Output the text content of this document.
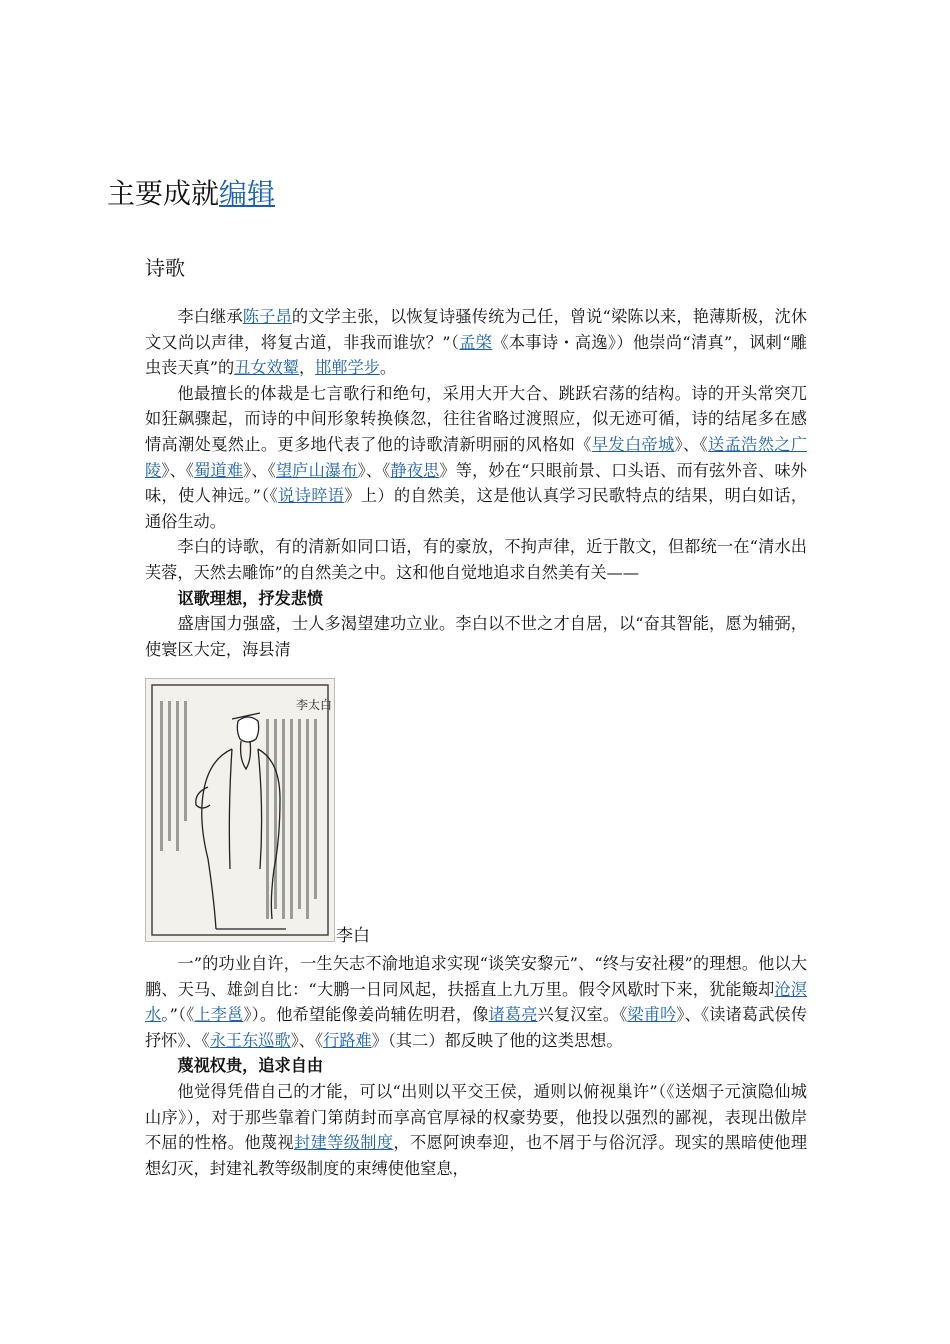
主要成就编辑
诗歌

李白继承陈子昂的文学主张，以恢复诗骚传统为己任，曾说“梁陈以来，艳薄斯极，沈休文又尚以声律，将复古道，非我而谁欤？”（孟棨《本事诗・高逸》）他崇尚“清真”，讽刺“雕虫丧天真”的丑女效颦，邯郸学步。

他最擅长的体裁是七言歌行和绝句，采用大开大合、跳跃宕荡的结构。诗的开头常突兀如狂飙骤起，而诗的中间形象转换倏忽，往往省略过渡照应，似无迹可循，诗的结尾多在感情高潮处戛然止。更多地代表了他的诗歌清新明丽的风格如《早发白帝城》、《送孟浩然之广陵》、《蜀道难》、《望庐山瀑布》、《静夜思》等，妙在“只眼前景、口头语、而有弦外音、味外味，使人神远。”（《说诗晬语》上）的自然美，这是他认真学习民歌特点的结果，明白如话，通俗生动。

李白的诗歌，有的清新如同口语，有的豪放，不拘声律，近于散文，但都统一在“清水出芙蓉，天然去雕饰”的自然美之中。这和他自觉地追求自然美有关——

讴歌理想，抒发悲愤

盛唐国力强盛，士人多渴望建功立业。李白以不世之才自居，以“奋其智能，愿为辅弼，使寰区大定，海县清

李太白
李白

一”的功业自许，一生矢志不渝地追求实现“谈笑安黎元”、“终与安社稷”的理想。他以大鹏、天马、雄剑自比：“大鹏一日同风起，扶摇直上九万里。假令风歇时下来，犹能簸却沧溟水。”（《上李邕》）。他希望能像姜尚辅佐明君，像诸葛亮兴复汉室。《梁甫吟》、《读诸葛武侯传抒怀》、《永王东巡歌》、《行路难》（其二）都反映了他的这类思想。

蔑视权贵，追求自由

他觉得凭借自己的才能，可以“出则以平交王侯，遁则以俯视巢许”（《送烟子元演隐仙城山序》），对于那些靠着门第荫封而享高官厚禄的权豪势要，他投以强烈的鄙视，表现出傲岸不屈的性格。他蔑视封建等级制度，不愿阿谀奉迎，也不屑于与俗沉浮。现实的黑暗使他理想幻灭，封建礼教等级制度的束缚使他窒息，
